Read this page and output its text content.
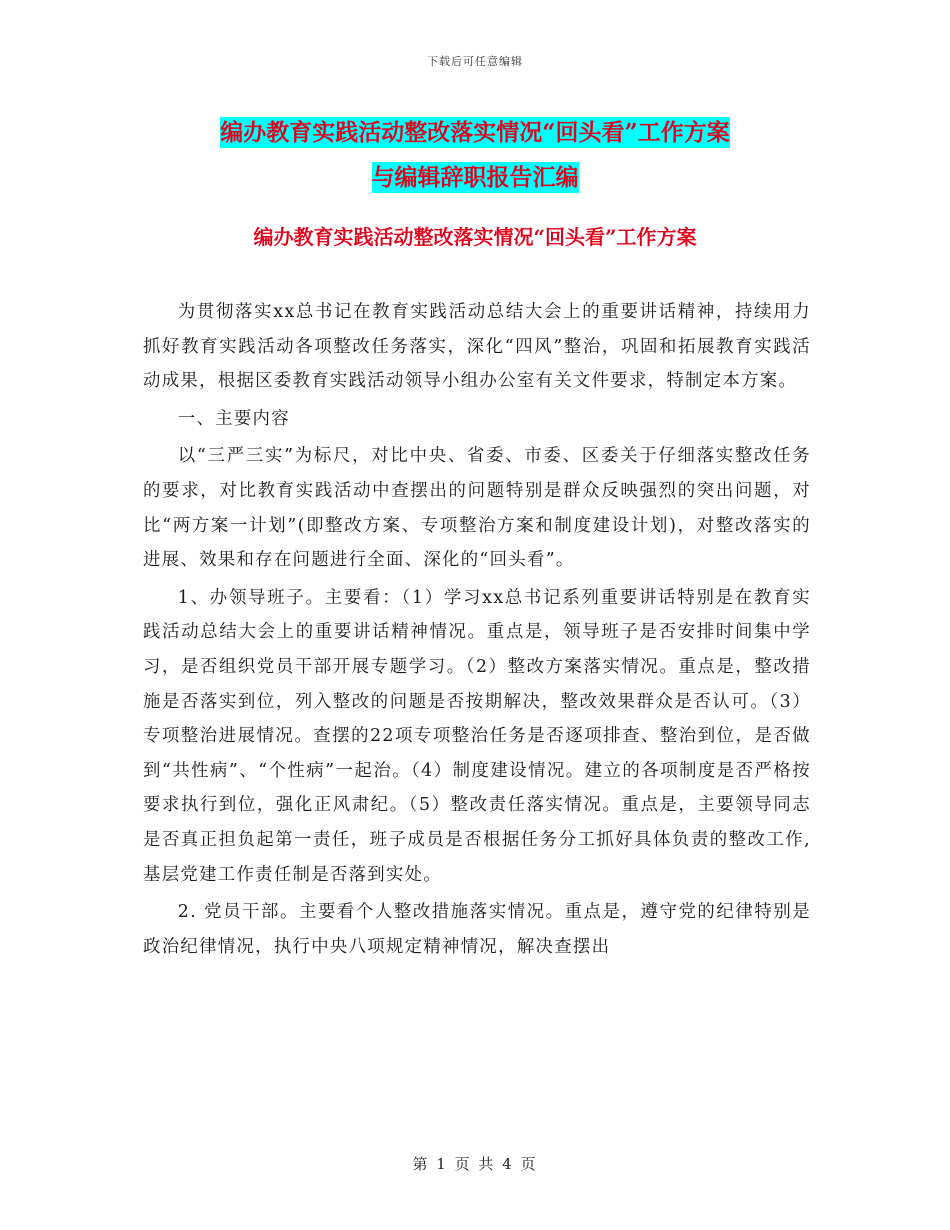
下载后可任意编辑
编办教育实践活动整改落实情况“回头看”工作方案
与编辑辞职报告汇编
编办教育实践活动整改落实情况“回头看”工作方案

为贯彻落实xx总书记在教育实践活动总结大会上的重要讲话精神，持续用力抓好教育实践活动各项整改任务落实，深化“四风”整治，巩固和拓展教育实践活动成果，根据区委教育实践活动领导小组办公室有关文件要求，特制定本方案。

一、主要内容

以“三严三实”为标尺，对比中央、省委、市委、区委关于仔细落实整改任务的要求，对比教育实践活动中查摆出的问题特别是群众反映强烈的突出问题，对比“两方案一计划”(即整改方案、专项整治方案和制度建设计划)，对整改落实的进展、效果和存在问题进行全面、深化的“回头看”。

1、办领导班子。主要看：（1）学习xx总书记系列重要讲话特别是在教育实践活动总结大会上的重要讲话精神情况。重点是，领导班子是否安排时间集中学习，是否组织党员干部开展专题学习。（2）整改方案落实情况。重点是，整改措施是否落实到位，列入整改的问题是否按期解决，整改效果群众是否认可。（3）专项整治进展情况。查摆的22项专项整治任务是否逐项排查、整治到位，是否做到“共性病”、“个性病”一起治。（4）制度建设情况。建立的各项制度是否严格按要求执行到位，强化正风肃纪。（5）整改责任落实情况。重点是，主要领导同志是否真正担负起第一责任，班子成员是否根据任务分工抓好具体负责的整改工作,基层党建工作责任制是否落到实处。

2. 党员干部。主要看个人整改措施落实情况。重点是，遵守党的纪律特别是政治纪律情况，执行中央八项规定精神情况，解决查摆出

第 1 页 共 4 页
